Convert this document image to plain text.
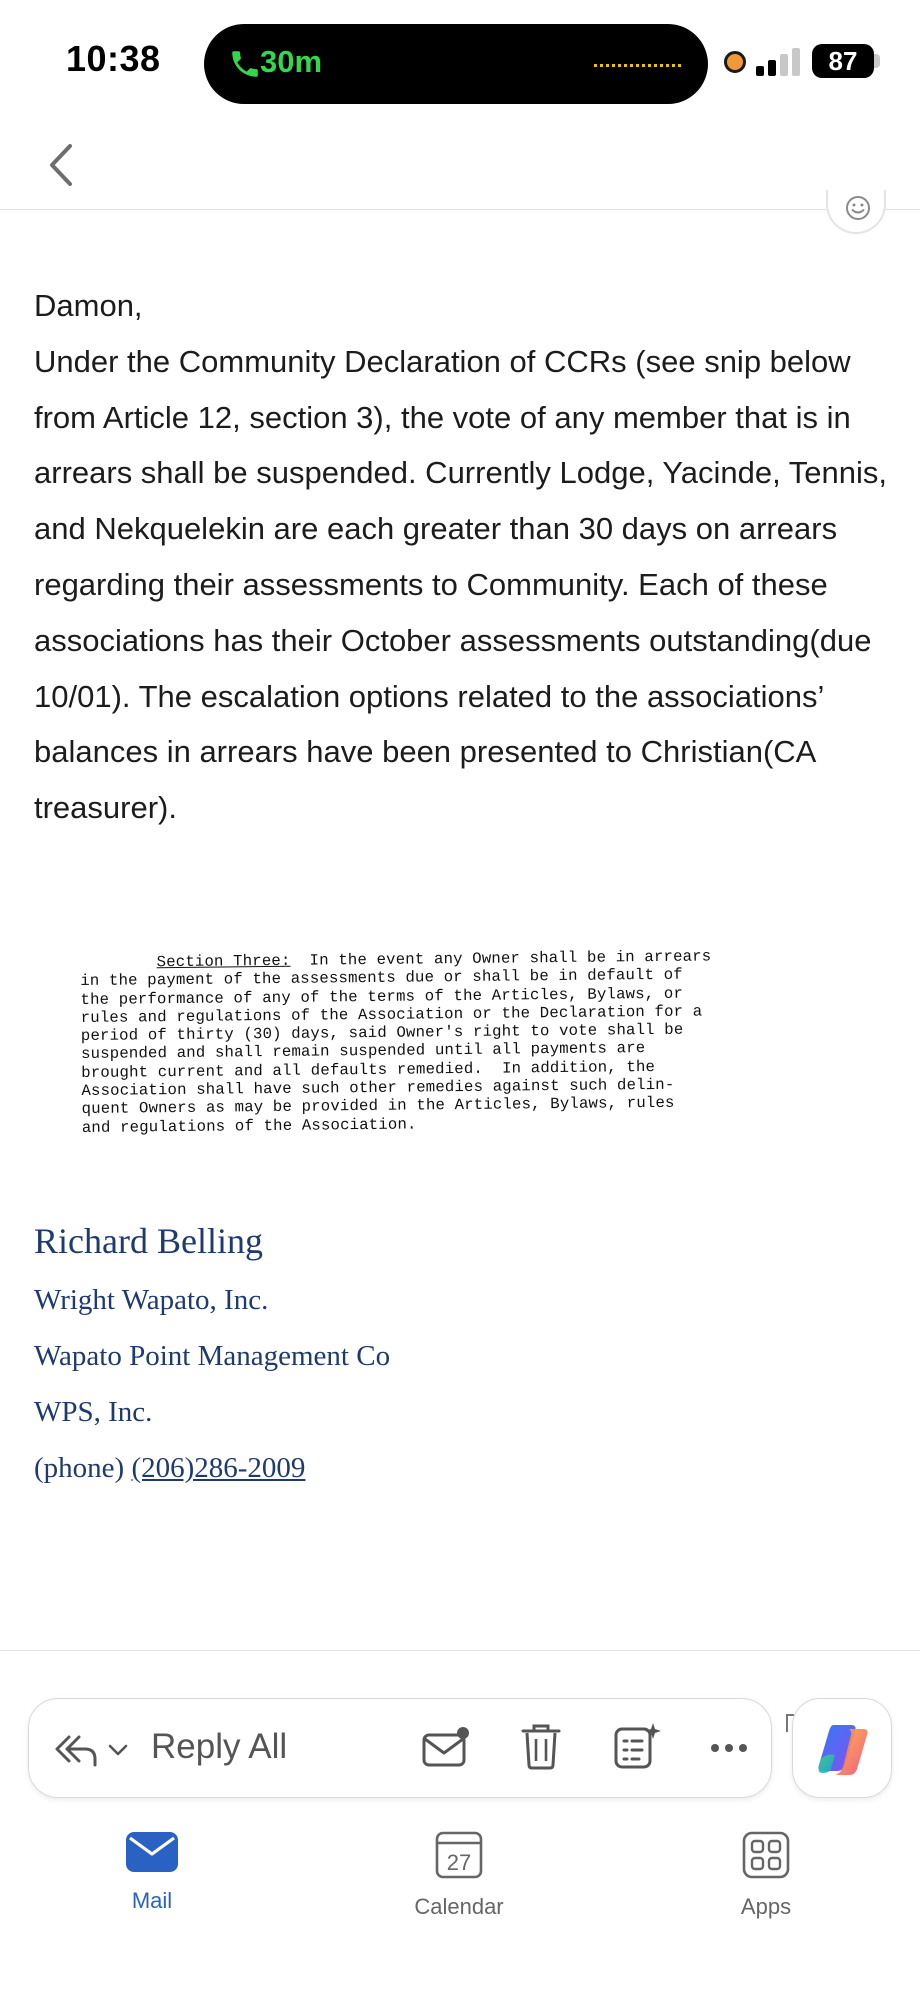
10:38	30m	87
Damon,
Under the Community Declaration of CCRs (see snip below from Article 12, section 3), the vote of any member that is in arrears shall be suspended. Currently Lodge, Yacinde, Tennis, and Nekquelekin are each greater than 30 days on arrears regarding their assessments to Community. Each of these associations has their October assessments outstanding(due 10/01). The escalation options related to the associations’ balances in arrears have been presented to Christian(CA treasurer).
Section Three:  In the event any Owner shall be in arrears
in the payment of the assessments due or shall be in default of
the performance of any of the terms of the Articles, Bylaws, or
rules and regulations of the Association or the Declaration for a
period of thirty (30) days, said Owner's right to vote shall be
suspended and shall remain suspended until all payments are
brought current and all defaults remedied.  In addition, the
Association shall have such other remedies against such delin-
quent Owners as may be provided in the Articles, Bylaws, rules
and regulations of the Association.
Richard Belling
Wright Wapato, Inc.
Wapato Point Management Co
WPS, Inc.
(phone) (206)286-2009
Reply All
Mail
27
Calendar	Apps
